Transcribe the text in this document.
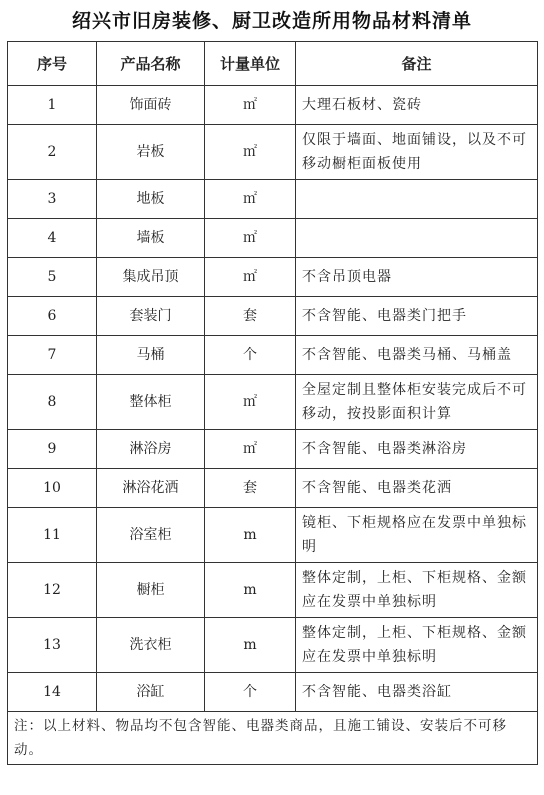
绍兴市旧房装修、厨卫改造所用物品材料清单
序号	产品名称	计量单位	备注
1	饰面砖	㎡	大理石板材、瓷砖
2	岩板	㎡	仅限于墙面、地面铺设，以及不可移动橱柜面板使用
3	地板	㎡	
4	墙板	㎡	
5	集成吊顶	㎡	不含吊顶电器
6	套装门	套	不含智能、电器类门把手
7	马桶	个	不含智能、电器类马桶、马桶盖
8	整体柜	㎡	全屋定制且整体柜安装完成后不可移动，按投影面积计算
9	淋浴房	㎡	不含智能、电器类淋浴房
10	淋浴花洒	套	不含智能、电器类花洒
11	浴室柜	m	镜柜、下柜规格应在发票中单独标明
12	橱柜	m	整体定制，上柜、下柜规格、金额应在发票中单独标明
13	洗衣柜	m	整体定制，上柜、下柜规格、金额应在发票中单独标明
14	浴缸	个	不含智能、电器类浴缸
注：以上材料、物品均不包含智能、电器类商品，且施工铺设、安装后不可移动。			
